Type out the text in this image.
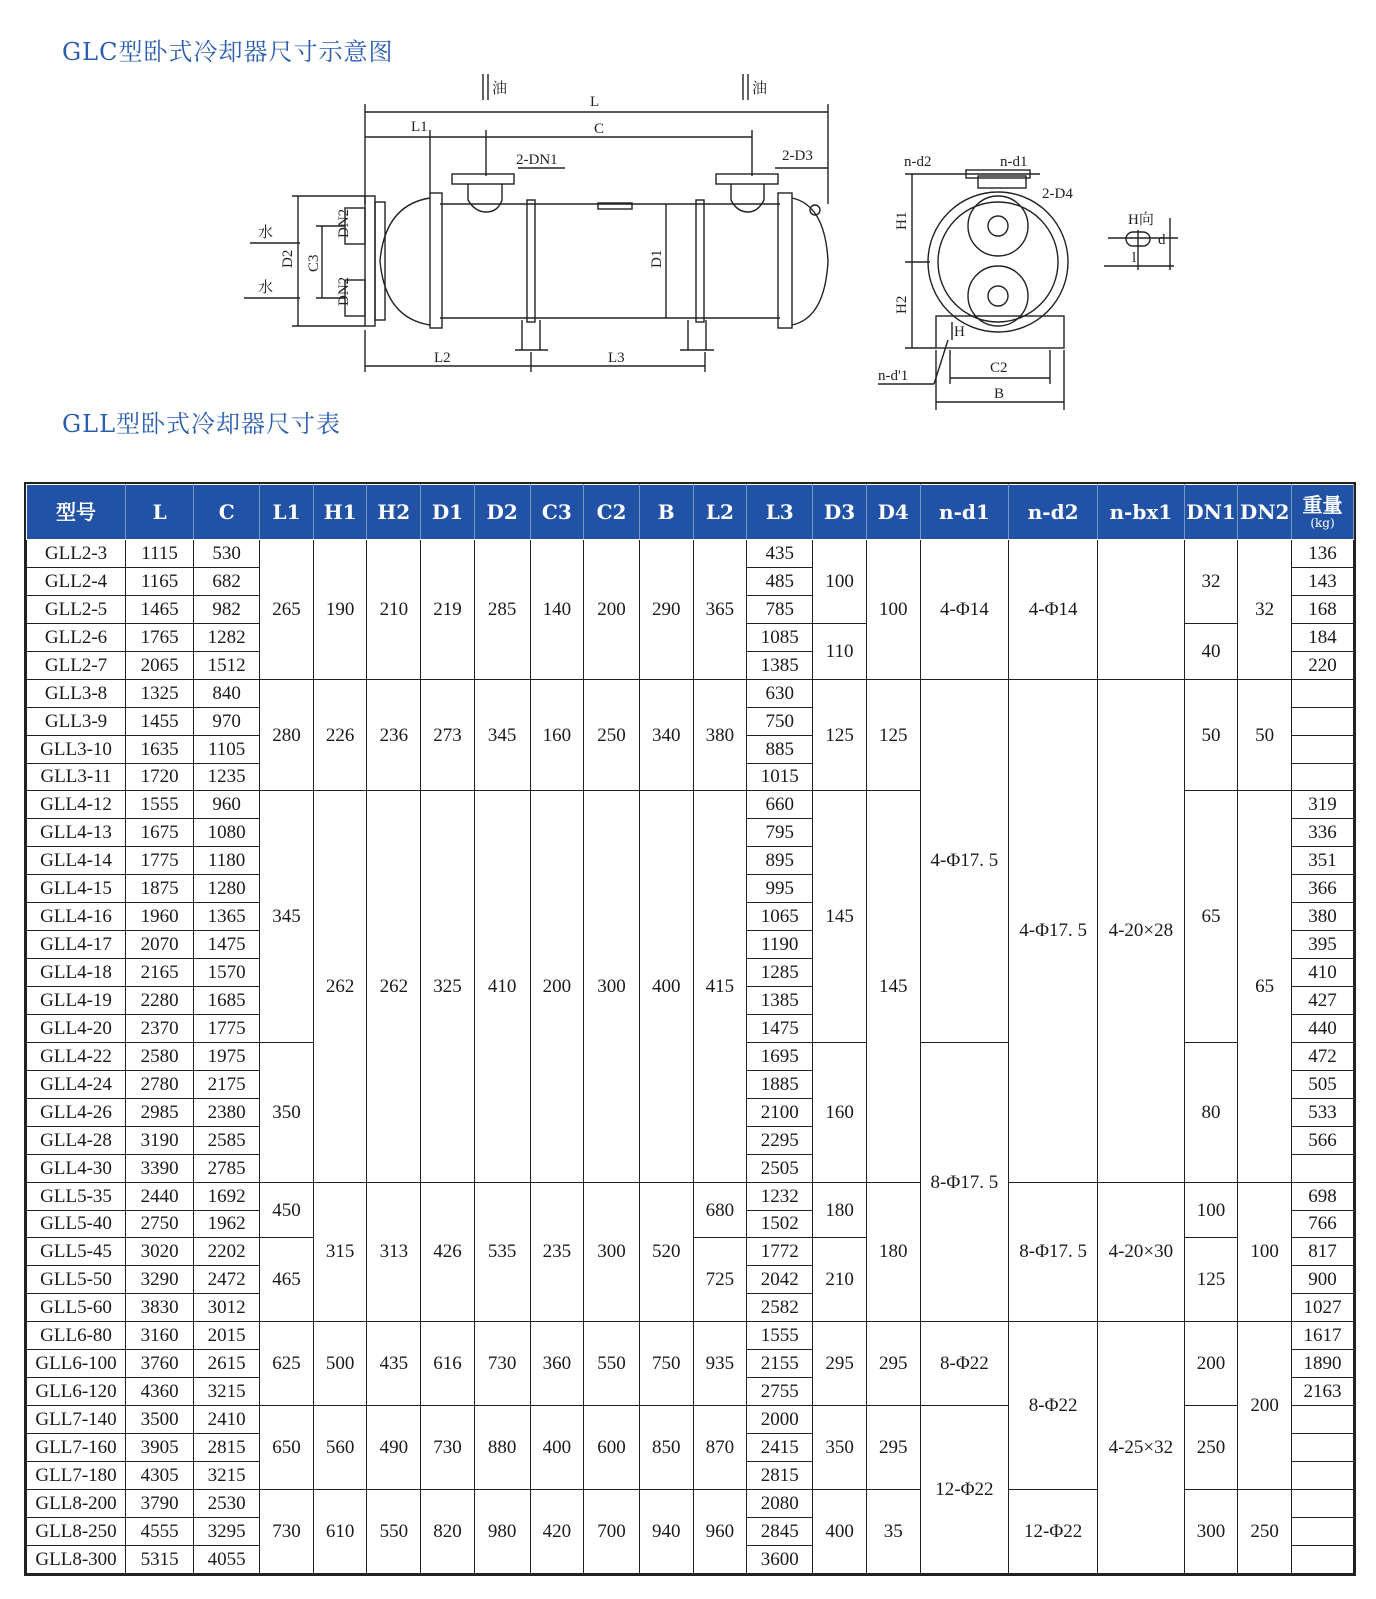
GLC型卧式冷却器尺寸示意图
油	油
L
L1	C
2-DN1	2-D3
水
水
D2 C3
DN2
DN2
D1
L2	L3
n-d2	n-d1
2-D4
H1
H2
H
C2
B
n-d'1
H向
l
d
GLL型卧式冷却器尺寸表
型号	L	C	L1	H1	H2	D1	D2	C3	C2	B	L2	L3	D3	D4	n-d1	n-d2	n-bx1	DN1	DN2	重量
(kg)

GLL2-3	1115	530	265	190	210	219	285	140	200	290	365	435	100	100	4-Φ14	4-Φ14		32	32	136
GLL2-4	1165	682										485								143
GLL2-5	1465	982										785								168
GLL2-6	1765	1282										1085	110					40		184
GLL2-7	2065	1512										1385								220
GLL3-8	1325	840	280	226	236	273	345	160	250	340	380	630	125	125	4-Φ17. 5	4-Φ17. 5	4-20×28	50	50	
GLL3-9	1455	970										750								
GLL3-10	1635	1105										885								
GLL3-11	1720	1235										1015								
GLL4-12	1555	960	345	262	262	325	410	200	300	400	415	660	145	145				65	65	319
GLL4-13	1675	1080										795								336
GLL4-14	1775	1180										895								351
GLL4-15	1875	1280										995								366
GLL4-16	1960	1365										1065								380
GLL4-17	2070	1475										1190								395
GLL4-18	2165	1570										1285								410
GLL4-19	2280	1685										1385								427
GLL4-20	2370	1775										1475								440
GLL4-22	2580	1975	350									1695	160		8-Φ17. 5			80		472
GLL4-24	2780	2175										1885								505
GLL4-26	2985	2380										2100								533
GLL4-28	3190	2585										2295								566
GLL4-30	3390	2785										2505								
GLL5-35	2440	1692	450	315	313	426	535	235	300	520	680	1232	180	180		8-Φ17. 5	4-20×30	100	100	698
GLL5-40	2750	1962										1502								766
GLL5-45	3020	2202	465								725	1772	210					125		817
GLL5-50	3290	2472										2042								900
GLL5-60	3830	3012										2582								1027
GLL6-80	3160	2015	625	500	435	616	730	360	550	750	935	1555	295	295	8-Φ22	8-Φ22	4-25×32	200	200	1617
GLL6-100	3760	2615										2155								1890
GLL6-120	4360	3215										2755								2163
GLL7-140	3500	2410	650	560	490	730	880	400	600	850	870	2000	350	295	12-Φ22			250		
GLL7-160	3905	2815										2415								
GLL7-180	4305	3215										2815								
GLL8-200	3790	2530	730	610	550	820	980	420	700	940	960	2080	400	35		12-Φ22		300	250	
GLL8-250	4555	3295										2845								
GLL8-300	5315	4055										3600								
